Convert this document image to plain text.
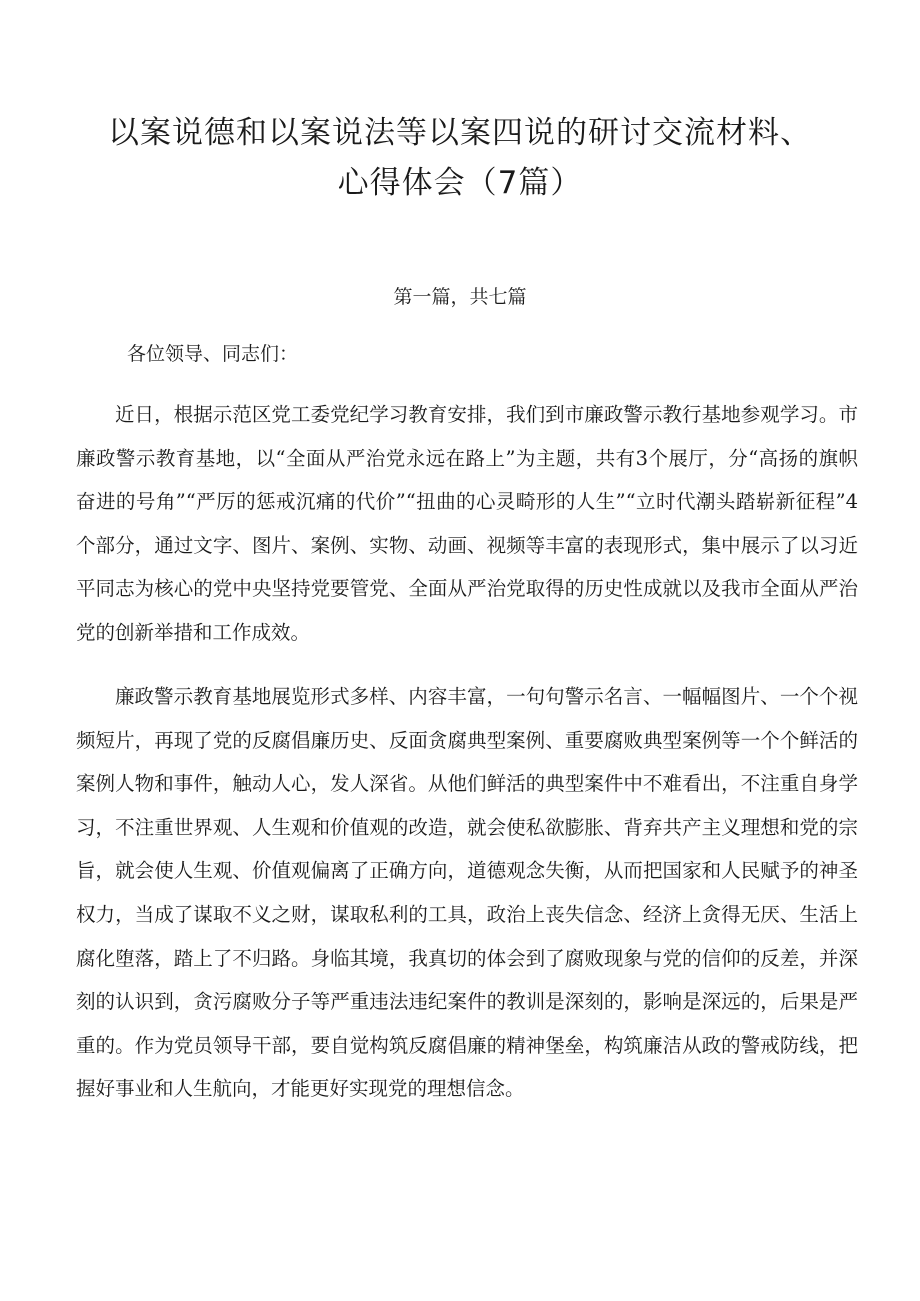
以案说德和以案说法等以案四说的研讨交流材料、
心得体会（7篇）

第一篇，共七篇

各位领导、同志们：

近日，根据示范区党工委党纪学习教育安排，我们到市廉政警示教行基地参观学习。市廉政警示教育基地，以“全面从严治党永远在路上”为主题，共有3个展厅，分“高扬的旗帜奋进的号角”“严厉的惩戒沉痛的代价”“扭曲的心灵畸形的人生”“立时代潮头踏崭新征程”4个部分，通过文字、图片、案例、实物、动画、视频等丰富的表现形式，集中展示了以习近平同志为核心的党中央坚持党要管党、全面从严治党取得的历史性成就以及我市全面从严治党的创新举措和工作成效。

廉政警示教育基地展览形式多样、内容丰富，一句句警示名言、一幅幅图片、一个个视频短片，再现了党的反腐倡廉历史、反面贪腐典型案例、重要腐败典型案例等一个个鲜活的案例人物和事件，触动人心，发人深省。从他们鲜活的典型案件中不难看出，不注重自身学习，不注重世界观、人生观和价值观的改造，就会使私欲膨胀、背弃共产主义理想和党的宗旨，就会使人生观、价值观偏离了正确方向，道德观念失衡，从而把国家和人民赋予的神圣权力，当成了谋取不义之财，谋取私利的工具，政治上丧失信念、经济上贪得无厌、生活上腐化堕落，踏上了不归路。身临其境，我真切的体会到了腐败现象与党的信仰的反差，并深刻的认识到，贪污腐败分子等严重违法违纪案件的教训是深刻的，影响是深远的，后果是严重的。作为党员领导干部，要自觉构筑反腐倡廉的精神堡垒，构筑廉洁从政的警戒防线，把握好事业和人生航向，才能更好实现党的理想信念。
